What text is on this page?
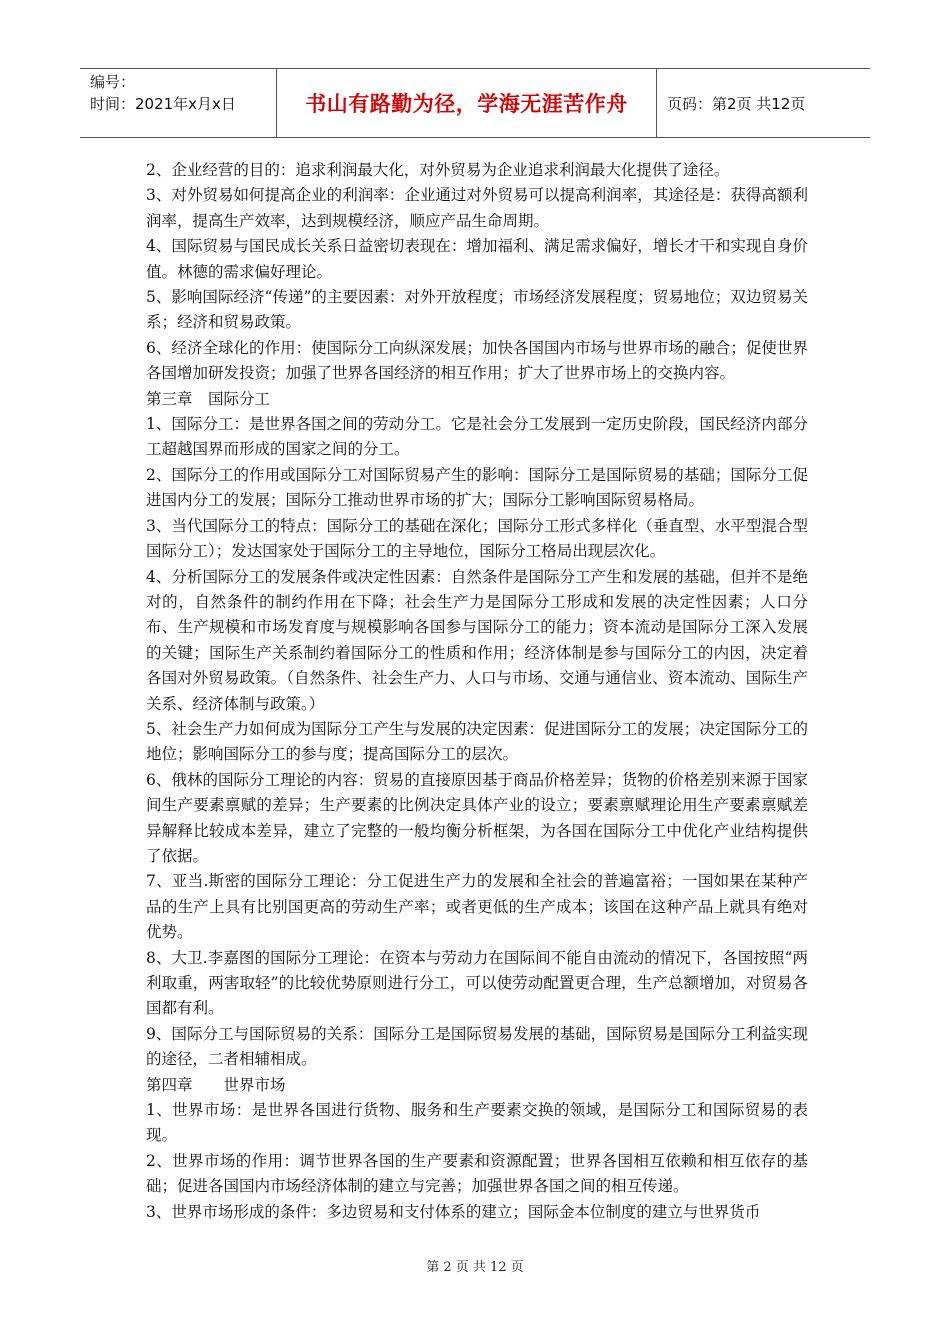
编号：
时间：2021年x月x日	书山有路勤为径，学海无涯苦作舟	页码：第2页 共12页

2、企业经营的目的：追求利润最大化，对外贸易为企业追求利润最大化提供了途径。

3、对外贸易如何提高企业的利润率：企业通过对外贸易可以提高利润率，其途径是：获得高额利润率，提高生产效率，达到规模经济，顺应产品生命周期。

4、国际贸易与国民成长关系日益密切表现在：增加福利、满足需求偏好，增长才干和实现自身价值。林德的需求偏好理论。

5、影响国际经济“传递”的主要因素：对外开放程度；市场经济发展程度；贸易地位；双边贸易关系；经济和贸易政策。

6、经济全球化的作用：使国际分工向纵深发展；加快各国国内市场与世界市场的融合；促使世界各国增加研发投资；加强了世界各国经济的相互作用；扩大了世界市场上的交换内容。

第三章　国际分工

1、国际分工：是世界各国之间的劳动分工。它是社会分工发展到一定历史阶段，国民经济内部分工超越国界而形成的国家之间的分工。

2、国际分工的作用或国际分工对国际贸易产生的影响：国际分工是国际贸易的基础；国际分工促进国内分工的发展；国际分工推动世界市场的扩大；国际分工影响国际贸易格局。

3、当代国际分工的特点：国际分工的基础在深化；国际分工形式多样化（垂直型、水平型混合型国际分工）；发达国家处于国际分工的主导地位，国际分工格局出现层次化。

4、分析国际分工的发展条件或决定性因素：自然条件是国际分工产生和发展的基础，但并不是绝对的，自然条件的制约作用在下降；社会生产力是国际分工形成和发展的决定性因素；人口分布、生产规模和市场发育度与规模影响各国参与国际分工的能力；资本流动是国际分工深入发展的关键；国际生产关系制约着国际分工的性质和作用；经济体制是参与国际分工的内因，决定着各国对外贸易政策。（自然条件、社会生产力、人口与市场、交通与通信业、资本流动、国际生产关系、经济体制与政策。）

5、社会生产力如何成为国际分工产生与发展的决定因素：促进国际分工的发展；决定国际分工的地位；影响国际分工的参与度；提高国际分工的层次。

6、俄林的国际分工理论的内容：贸易的直接原因基于商品价格差异；货物的价格差别来源于国家间生产要素禀赋的差异；生产要素的比例决定具体产业的设立；要素禀赋理论用生产要素禀赋差异解释比较成本差异，建立了完整的一般均衡分析框架，为各国在国际分工中优化产业结构提供了依据。

7、亚当.斯密的国际分工理论：分工促进生产力的发展和全社会的普遍富裕；一国如果在某种产品的生产上具有比别国更高的劳动生产率；或者更低的生产成本；该国在这种产品上就具有绝对优势。

8、大卫.李嘉图的国际分工理论：在资本与劳动力在国际间不能自由流动的情况下，各国按照“两利取重，两害取轻”的比较优势原则进行分工，可以使劳动配置更合理，生产总额增加，对贸易各国都有利。

9、国际分工与国际贸易的关系：国际分工是国际贸易发展的基础，国际贸易是国际分工利益实现的途径，二者相辅相成。

第四章　　世界市场

1、世界市场：是世界各国进行货物、服务和生产要素交换的领域，是国际分工和国际贸易的表现。

2、世界市场的作用：调节世界各国的生产要素和资源配置；世界各国相互依赖和相互依存的基础；促进各国国内市场经济体制的建立与完善；加强世界各国之间的相互传递。

3、世界市场形成的条件：多边贸易和支付体系的建立；国际金本位制度的建立与世界货币

第 2 页 共 12 页
